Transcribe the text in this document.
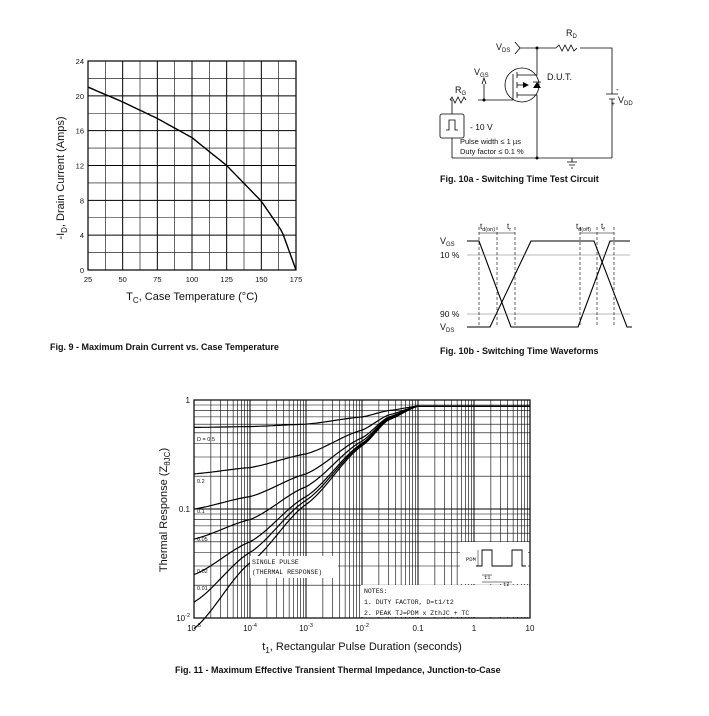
25	50	75	100	125	150	175
0
4
8
12
16
20
24
$-I_D$, Drain Current (Amps)
$T_C$, Case Temperature (°C)
Fig. 9 - Maximum Drain Current vs. Case Temperature
$R_D$
$V_{DS}$
$V_{GS}$
$R_G$
D.U.T.
-
$V_{DD}$
+
- 10 V
Pulse width ≤ 1 µs
Duty factor ≤ 0.1 %
Fig. 10a - Switching Time Test Circuit
$V_{GS}$
10 %
90 %
$V_{DS}$
$t_{d(on)}$ $t_r$	$t_{d(off)}$ $t_f$
Fig. 10b - Switching Time Waveforms
$10^{-5}$	$10^{-4}$	$10^{-3}$	$10^{-2}$	0.1	1	10
$10^{-2}$
0.1
1
D = 0.5
0.2
0.1
0.05
0.02
0.01
SINGLE PULSE
(THERMAL RESPONSE)
NOTES:
1. DUTY FACTOR, D=t1/t2
2. PEAK TJ=PDM x ZthJC + TC
PDM
t1
t2
Thermal Response $(Z_{\theta JC})$
$t_1$, Rectangular Pulse Duration (seconds)
Fig. 11 - Maximum Effective Transient Thermal Impedance, Junction-to-Case
